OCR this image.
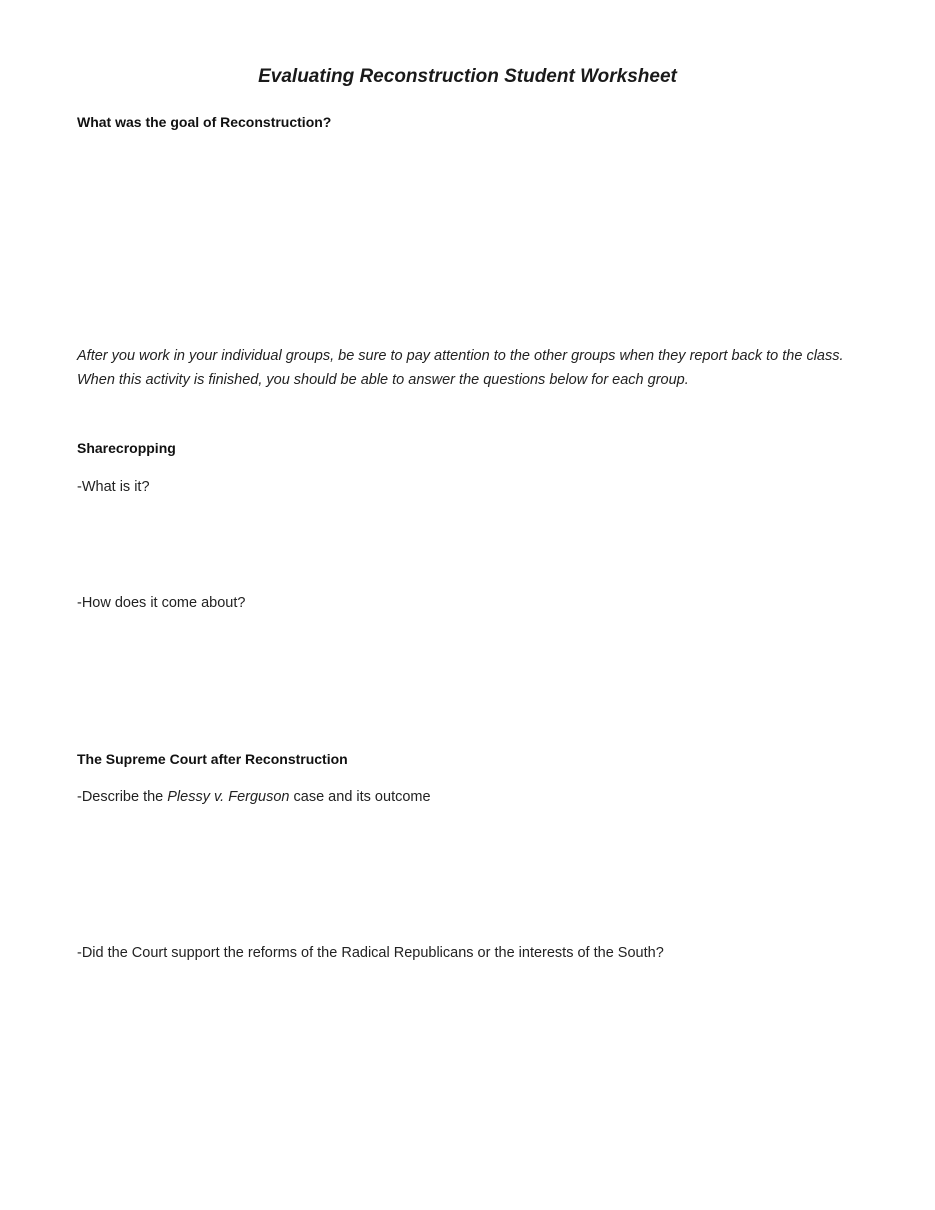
Evaluating Reconstruction Student Worksheet
What was the goal of Reconstruction?
After you work in your individual groups, be sure to pay attention to the other groups when they report back to the class. When this activity is finished, you should be able to answer the questions below for each group.
Sharecropping
-What is it?
-How does it come about?
The Supreme Court after Reconstruction
-Describe the Plessy v. Ferguson case and its outcome
-Did the Court support the reforms of the Radical Republicans or the interests of the South?
